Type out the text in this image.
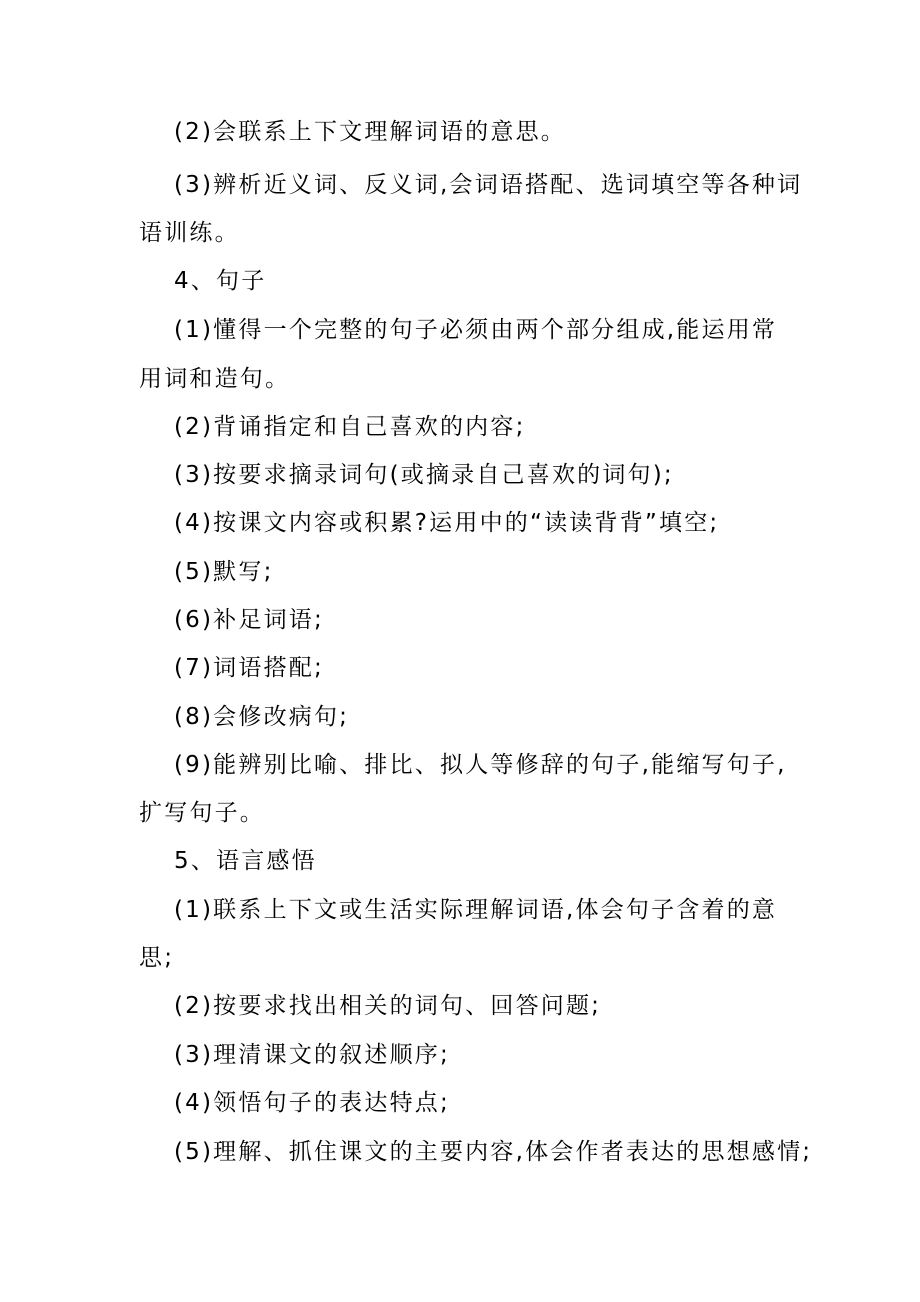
(2)会联系上下文理解词语的意思。
(3)辨析近义词、反义词,会词语搭配、选词填空等各种词
语训练。
4、句子
(1)懂得一个完整的句子必须由两个部分组成,能运用常
用词和造句。
(2)背诵指定和自己喜欢的内容;
(3)按要求摘录词句(或摘录自己喜欢的词句);
(4)按课文内容或积累?运用中的“读读背背”填空;
(5)默写;
(6)补足词语;
(7)词语搭配;
(8)会修改病句;
(9)能辨别比喻、排比、拟人等修辞的句子,能缩写句子,
扩写句子。
5、语言感悟
(1)联系上下文或生活实际理解词语,体会句子含着的意
思;
(2)按要求找出相关的词句、回答问题;
(3)理清课文的叙述顺序;
(4)领悟句子的表达特点;
(5)理解、抓住课文的主要内容,体会作者表达的思想感情;
